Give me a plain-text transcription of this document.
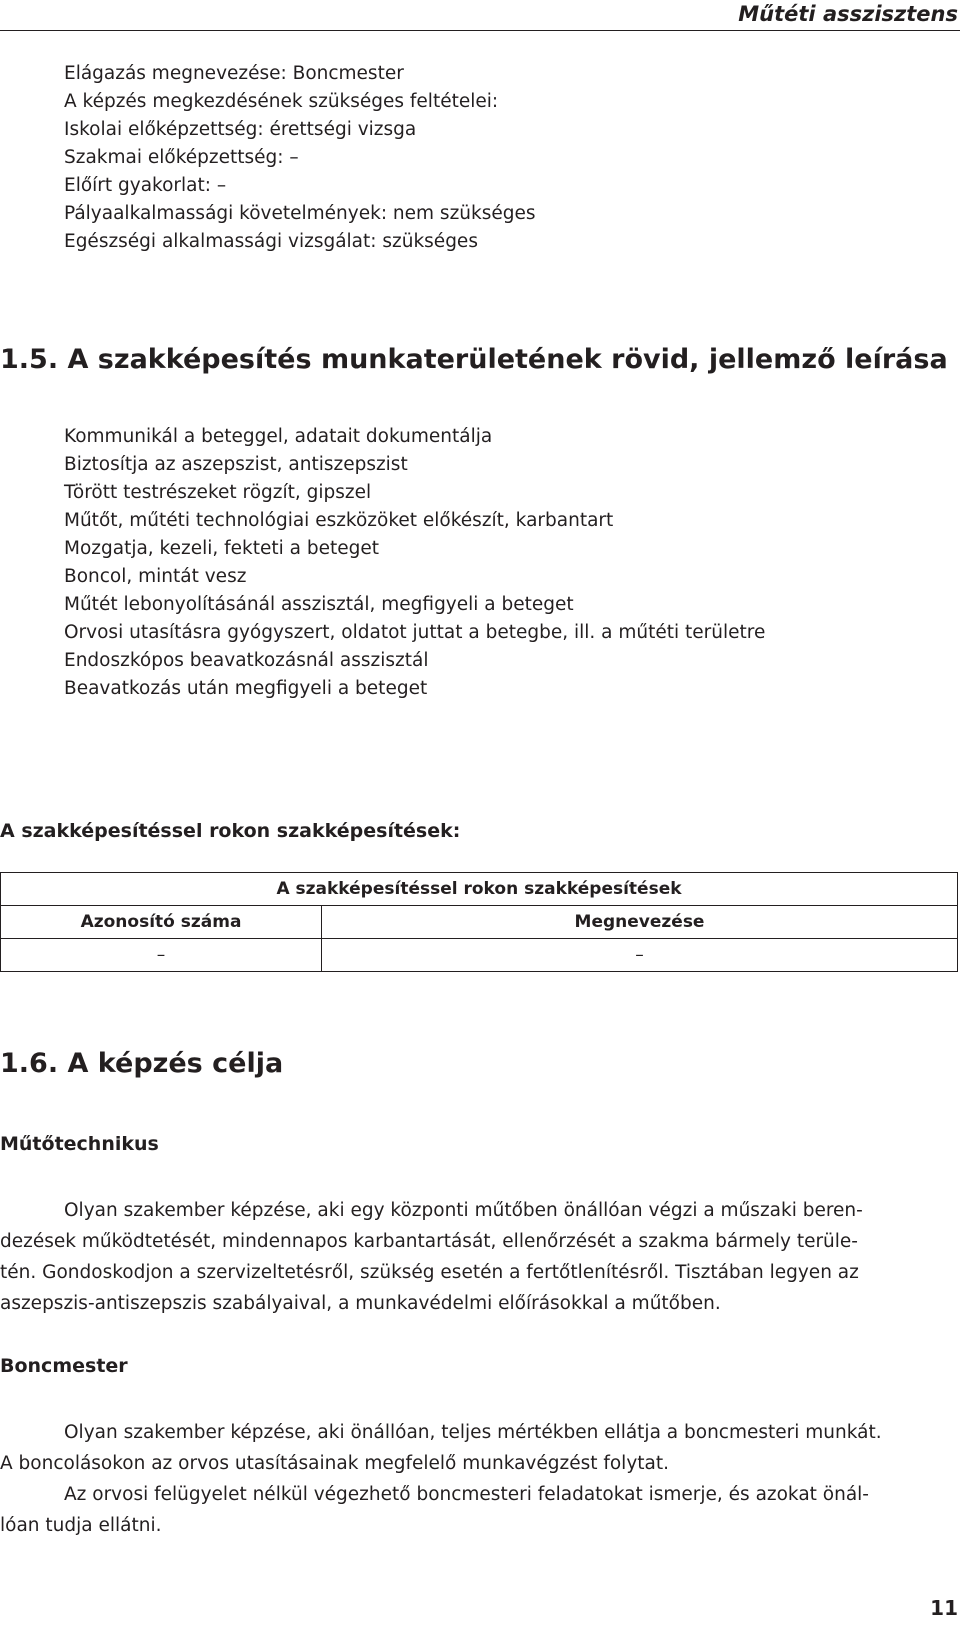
Műtéti asszisztens
Elágazás megnevezése: Boncmester
A képzés megkezdésének szükséges feltételei:
Iskolai előképzettség: érettségi vizsga
Szakmai előképzettség: –
Előírt gyakorlat: –
Pályaalkalmassági követelmények: nem szükséges
Egészségi alkalmassági vizsgálat: szükséges
1.5. A szakképesítés munkaterületének rövid, jellemző leírása
Kommunikál a beteggel, adatait dokumentálja
Biztosítja az aszepszist, antiszepszist
Törött testrészeket rögzít, gipszel
Műtőt, műtéti technológiai eszközöket előkészít, karbantart
Mozgatja, kezeli, fekteti a beteget
Boncol, mintát vesz
Műtét lebonyolításánál asszisztál, megfigyeli a beteget
Orvosi utasításra gyógyszert, oldatot juttat a betegbe, ill. a műtéti területre
Endoszkópos beavatkozásnál asszisztál
Beavatkozás után megfigyeli a beteget
A szakképesítéssel rokon szakképesítések:
A szakképesítéssel rokon szakképesítések	
Azonosító száma	Megnevezése
–	–
1.6. A képzés célja
Műtőtechnikus

Olyan szakember képzése, aki egy központi műtőben önállóan végzi a műszaki beren-
dezések működtetését, mindennapos karbantartását, ellenőrzését a szakma bármely terüle-
tén. Gondoskodjon a szervizeltetésről, szükség esetén a fertőtlenítésről. Tisztában legyen az
aszepszis-antiszepszis szabályaival, a munkavédelmi előírásokkal a műtőben.

Boncmester

Olyan szakember képzése, aki önállóan, teljes mértékben ellátja a boncmesteri munkát.
A boncolásokon az orvos utasításainak megfelelő munkavégzést folytat.
Az orvosi felügyelet nélkül végezhető boncmesteri feladatokat ismerje, és azokat önál-
lóan tudja ellátni.

11
